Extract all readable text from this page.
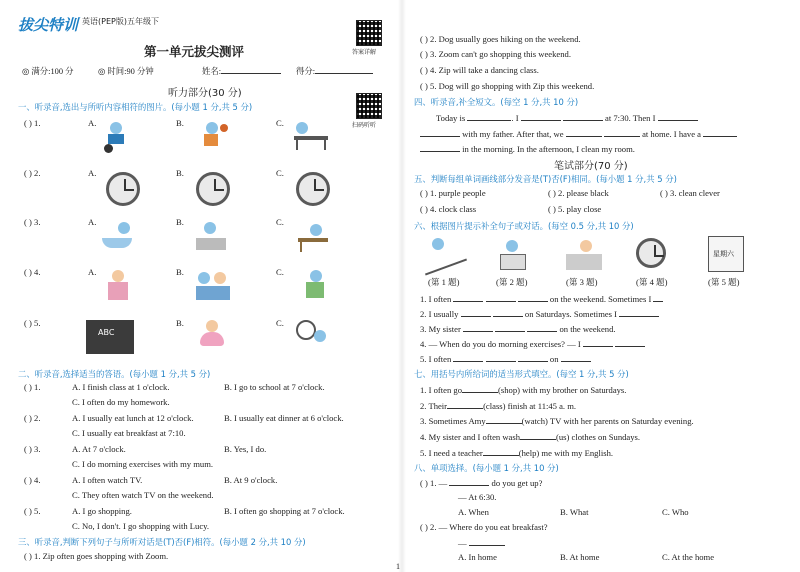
拔尖特训 英语(PEP版)五年级下
答案详解
第一单元拔尖测评
◎ 满分:100 分	◎ 时间:90 分钟	姓名:	得分:
扫码听听
听力部分(30 分)
一、听录音,选出与所听内容相符的图片。(每小题 1 分,共 5 分)
( ) 1.	A.	B.	C.
( ) 2.	A.	B.	C.
( ) 3.	A.	B.	C.
( ) 4.	A.	B.	C.
( ) 5.	B.	C.
ABC
二、听录音,选择适当的答语。(每小题 1 分,共 5 分)
( ) 1.	A. I finish class at 1 o'clock.	B. I go to school at 7 o'clock.
C. I often do my homework.
( ) 2.	A. I usually eat lunch at 12 o'clock.	B. I usually eat dinner at 6 o'clock.
C. I usually eat breakfast at 7:10.
( ) 3.	A. At 7 o'clock.	B. Yes, I do.
C. I do morning exercises with my mum.
( ) 4.	A. I often watch TV.	B. At 9 o'clock.
C. They often watch TV on the weekend.
( ) 5.	A. I go shopping.	B. I often go shopping at 7 o'clock.
C. No, I don't. I go shopping with Lucy.
三、听录音,判断下列句子与所听对话是(T)否(F)相符。(每小题 2 分,共 10 分)
( ) 1. Zip often goes shopping with Zoom.
( ) 2. Dog usually goes hiking on the weekend.
( ) 3. Zoom can't go shopping this weekend.
( ) 4. Zip will take a dancing class.
( ) 5. Dog will go shopping with Zip this weekend.
四、听录音,补全短文。(每空 1 分,共 10 分)
Today is	. I	at 7:30. Then I
with my father. After that, we	at home. I have a
in the morning. In the afternoon, I clean my room.
笔试部分(70 分)
五、判断每组单词画线部分发音是(T)否(F)相同。(每小题 1 分,共 5 分)
( ) 1. purple people	( ) 2. please black	( ) 3. clean clever
( ) 4. clock class	( ) 5. play close
六、根据图片提示补全句子或对话。(每空 0.5 分,共 10 分)
(第 1 题)	(第 2 题)	(第 3 题)	(第 4 题)
星期六
(第 5 题)
1. I often	on the weekend. Sometimes I
2. I usually	on Saturdays. Sometimes I
3. My sister	on the weekend.
4. — When do you do morning exercises? — I
5. I often	on
七、用括号内所给词的适当形式填空。(每空 1 分,共 5 分)
1. I often go	(shop) with my brother on Saturdays.
2. Their	(class) finish at 11:45 a. m.
3. Sometimes Amy	(watch) TV with her parents on Saturday evening.
4. My sister and I often wash	(us) clothes on Sundays.
5. I need a teacher	(help) me with my English.
八、单项选择。(每小题 1 分,共 10 分)
( ) 1. —	do you get up?
— At 6:30.
A. When	B. What	C. Who
( ) 2. — Where do you eat breakfast?
—
A. In home	B. At home	C. At the home
1
